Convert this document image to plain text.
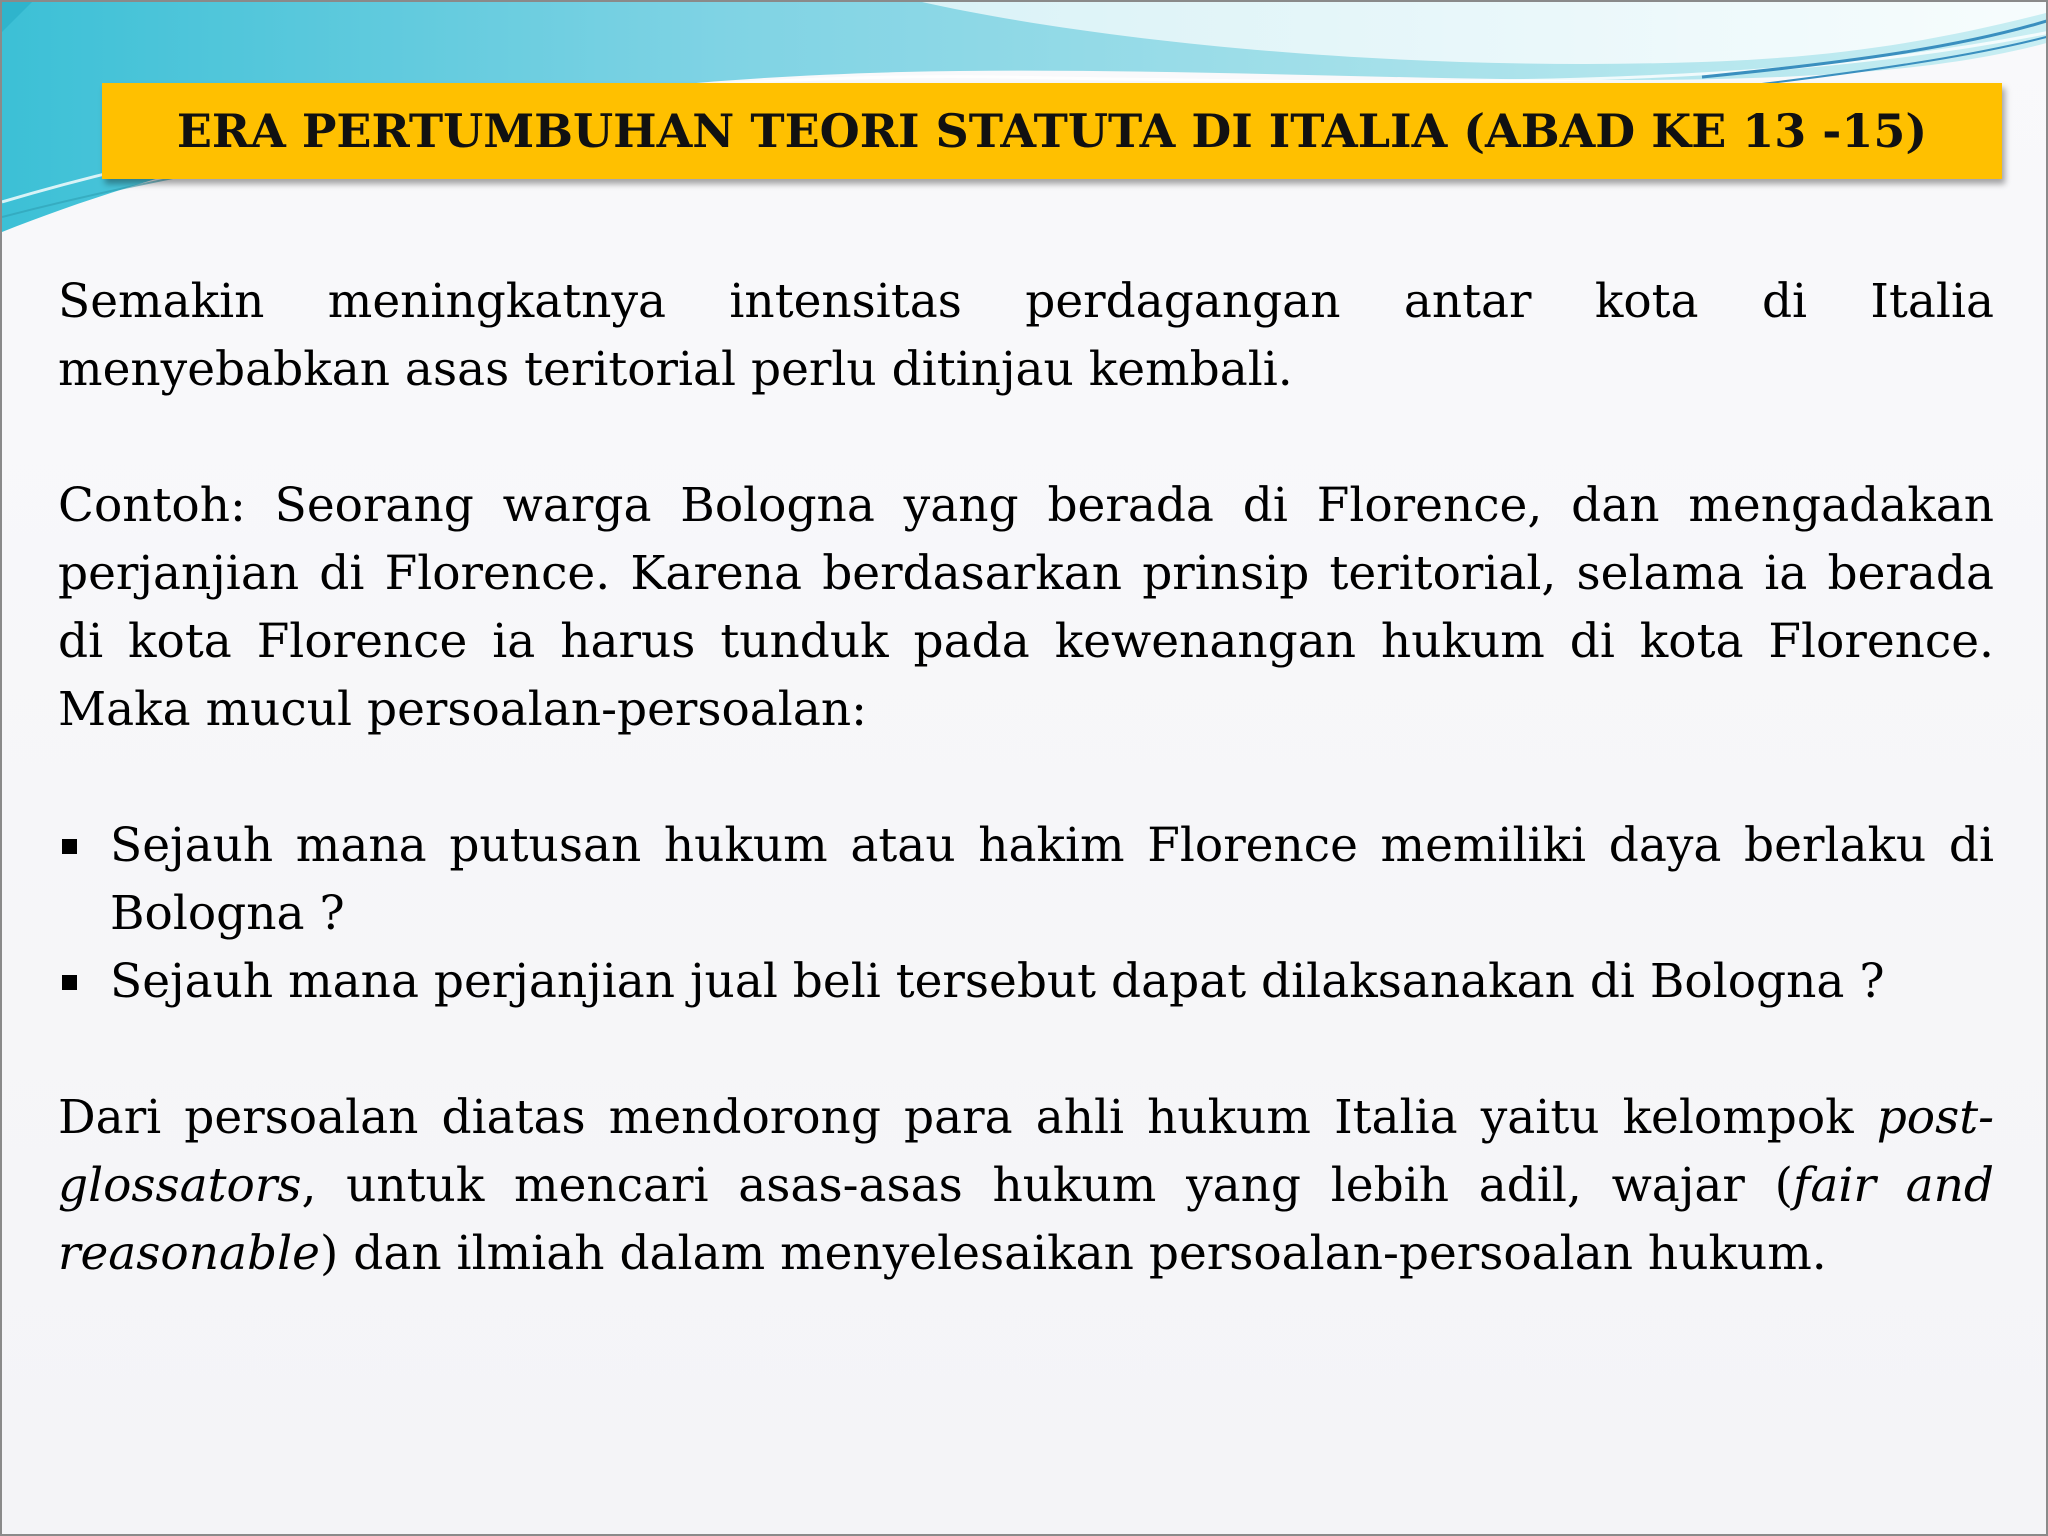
ERA PERTUMBUHAN TEORI STATUTA DI ITALIA (ABAD KE 13 -15)

Semakin meningkatnya intensitas perdagangan antar kota di Italia menyebabkan asas teritorial perlu ditinjau kembali.

Contoh: Seorang warga Bologna yang berada di Florence, dan mengadakan perjanjian di Florence. Karena berdasarkan prinsip teritorial, selama ia berada di kota Florence ia harus tunduk pada kewenangan hukum di kota Florence. Maka mucul persoalan-persoalan:

Sejauh mana putusan hukum atau hakim Florence memiliki daya berlaku di Bologna ?
Sejauh mana perjanjian jual beli tersebut dapat dilaksanakan di Bologna ?

Dari persoalan diatas mendorong para ahli hukum Italia yaitu kelompok post-glossators, untuk mencari asas-asas hukum yang lebih adil, wajar (fair and reasonable) dan ilmiah dalam menyelesaikan persoalan-persoalan hukum.
